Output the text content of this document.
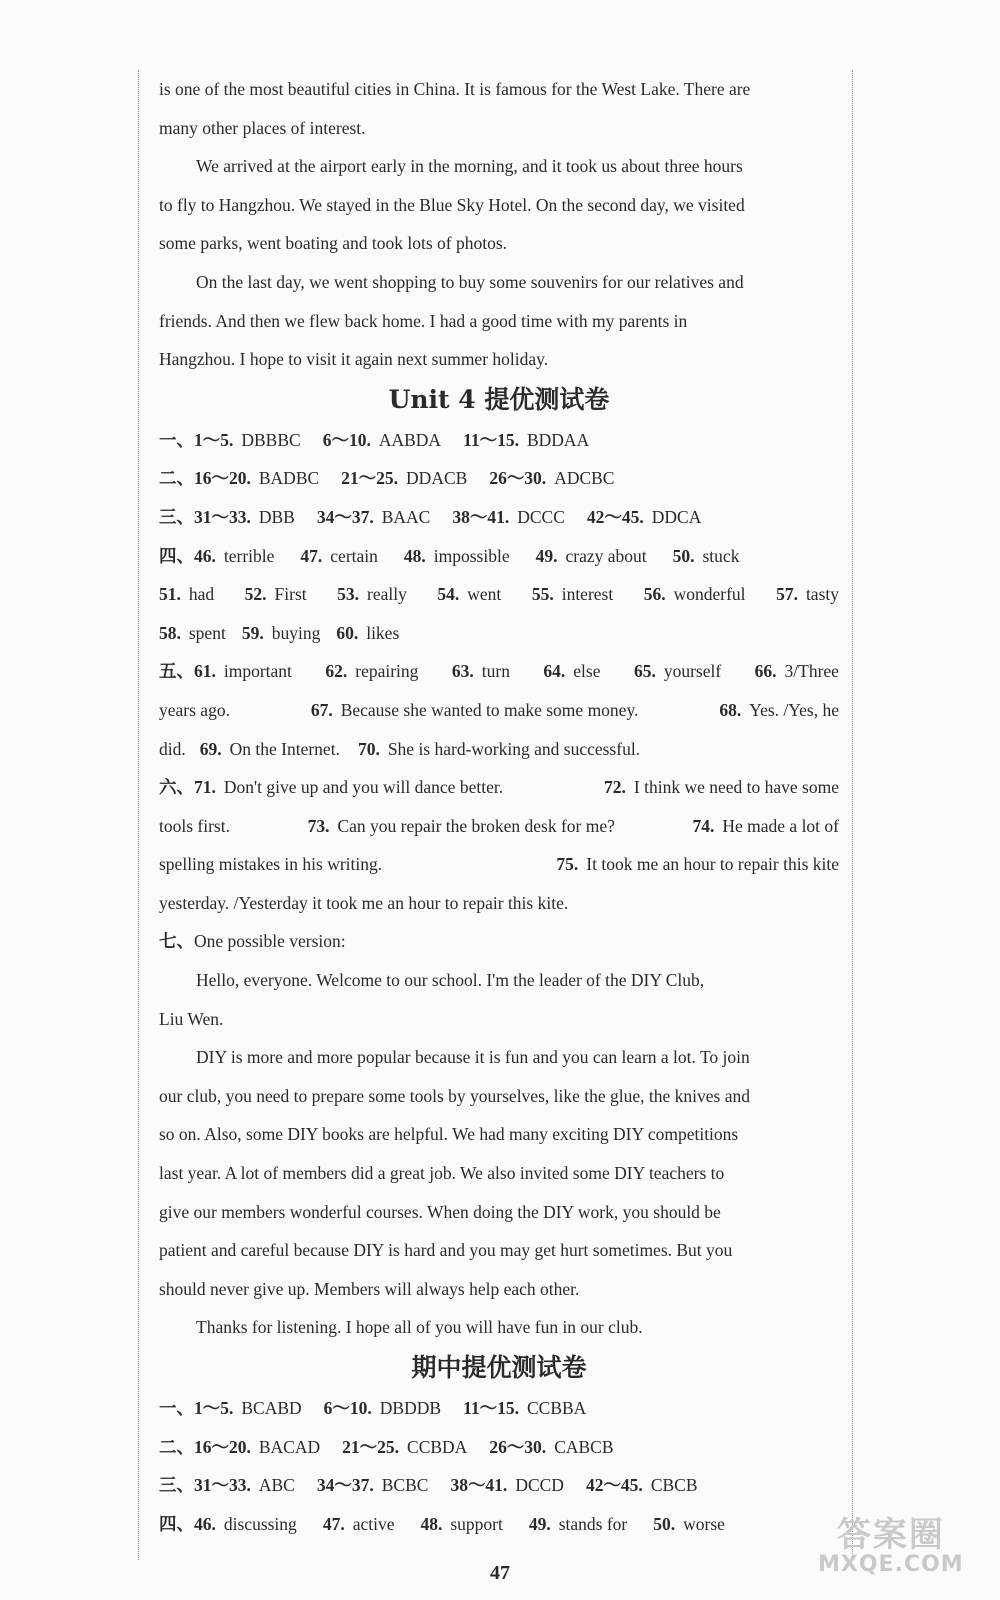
is one of the most beautiful cities in China. It is famous for the West Lake. There are
many other places of interest.
We arrived at the airport early in the morning, and it took us about three hours
to fly to Hangzhou. We stayed in the Blue Sky Hotel. On the second day, we visited
some parks, went boating and took lots of photos.
On the last day, we went shopping to buy some souvenirs for our relatives and
friends. And then we flew back home. I had a good time with my parents in
Hangzhou. I hope to visit it again next summer holiday.
Unit 4 提优测试卷
一、 1～5. DBBBC 6～10. AABDA 11～15. BDDAA
二、 16～20. BADBC 21～25. DDACB 26～30. ADCBC
三、 31～33. DBB 34～37. BAAC 38～41. DCCC 42～45. DDCA
四、 46. terrible 47. certain 48. impossible 49. crazy about 50. stuck
51. had 52. First 53. really 54. went 55. interest 56. wonderful 57. tasty
58. spent 59. buying 60. likes
五、61. important 62. repairing 63. turn 64. else 65. yourself 66. 3/Three
years ago.	67. Because she wanted to make some money.	68. Yes. /Yes, he
did. 69. On the Internet. 70. She is hard-working and successful.
六、71. Don't give up and you will dance better.	72. I think we need to have some
tools first.	73. Can you repair the broken desk for me?	74. He made a lot of
spelling mistakes in his writing.	75. It took me an hour to repair this kite
yesterday. /Yesterday it took me an hour to repair this kite.
七、 One possible version:
Hello, everyone. Welcome to our school. I'm the leader of the DIY Club,
Liu Wen.
DIY is more and more popular because it is fun and you can learn a lot. To join
our club, you need to prepare some tools by yourselves, like the glue, the knives and
so on. Also, some DIY books are helpful. We had many exciting DIY competitions
last year. A lot of members did a great job. We also invited some DIY teachers to
give our members wonderful courses. When doing the DIY work, you should be
patient and careful because DIY is hard and you may get hurt sometimes. But you
should never give up. Members will always help each other.
Thanks for listening. I hope all of you will have fun in our club.
期中提优测试卷
一、 1～5. BCABD 6～10. DBDDB 11～15. CCBBA
二、 16～20. BACAD 21～25. CCBDA 26～30. CABCB
三、 31～33. ABC 34～37. BCBC 38～41. DCCD 42～45. CBCB
四、 46. discussing 47. active 48. support 49. stands for 50. worse
47
答案圈
MXQE.COM
